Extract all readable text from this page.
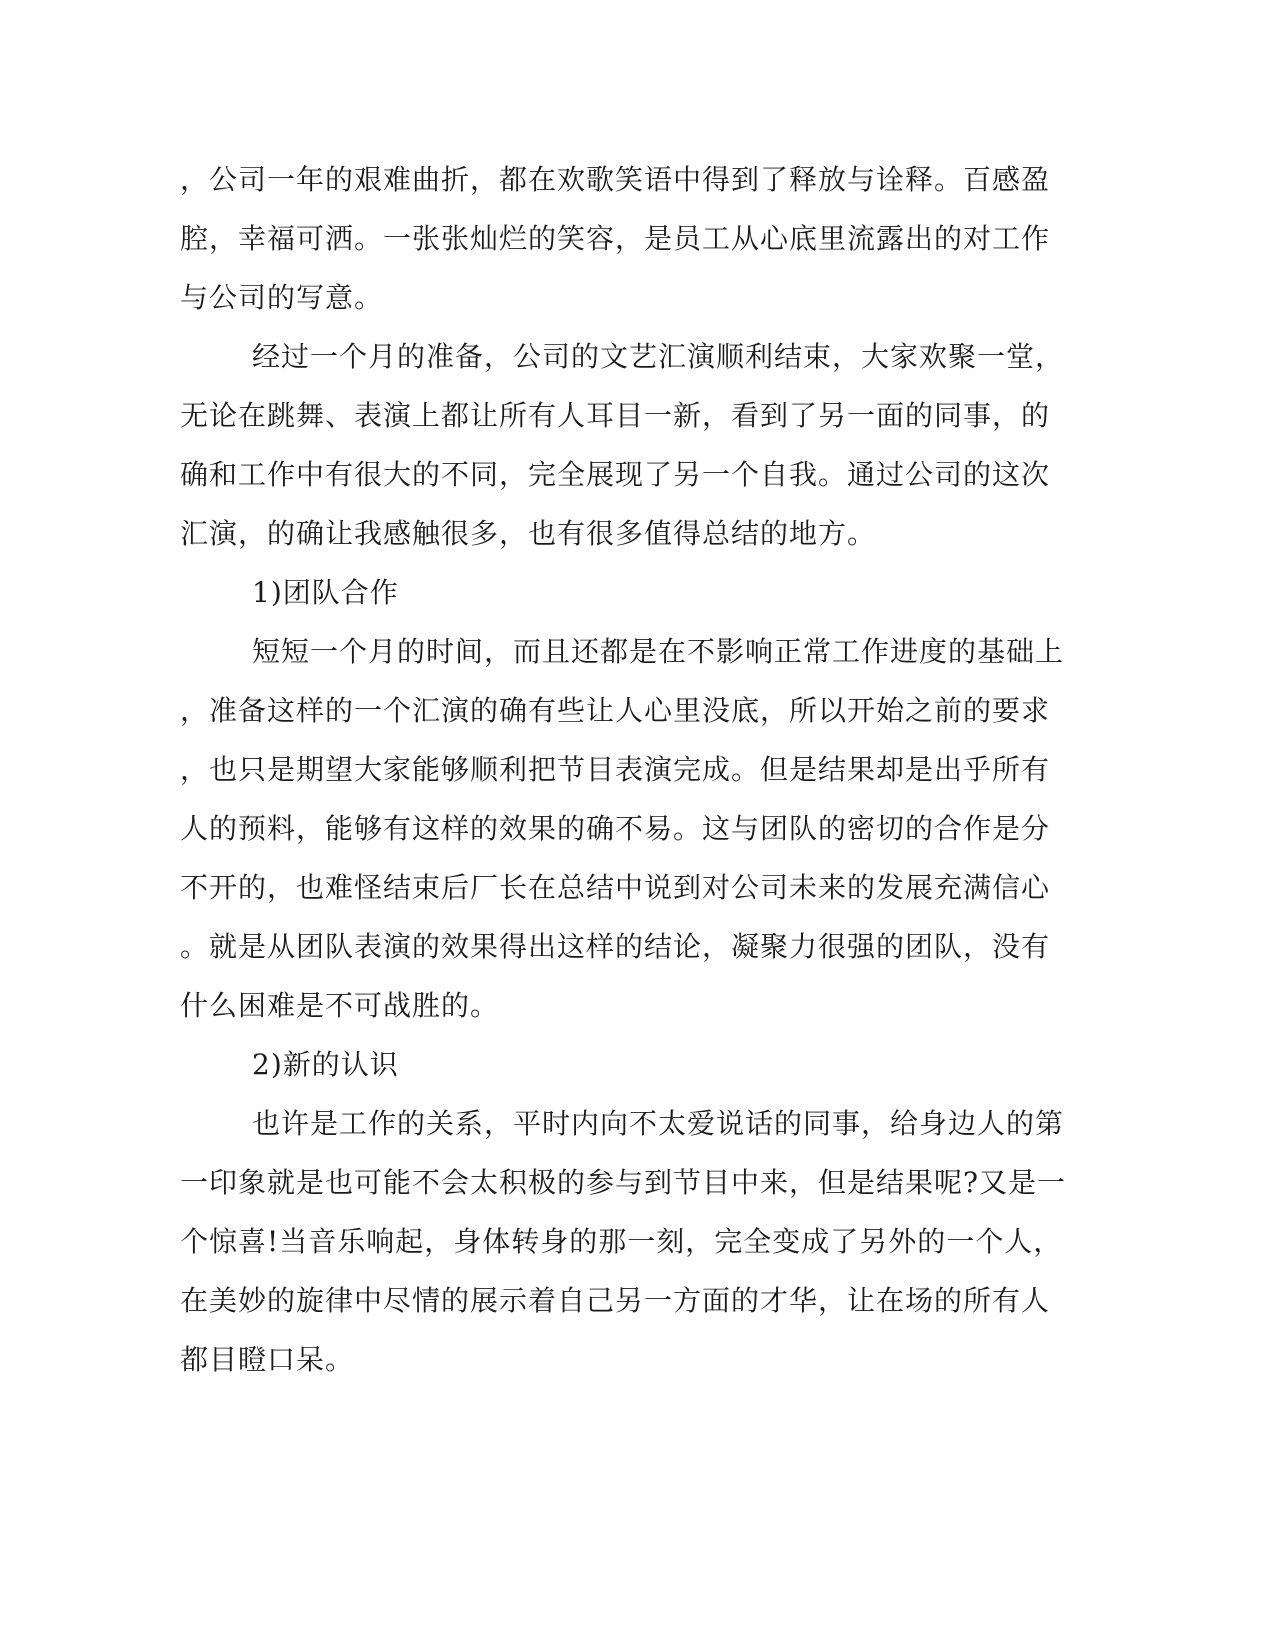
，公司一年的艰难曲折，都在欢歌笑语中得到了释放与诠释。百感盈
腔，幸福可洒。一张张灿烂的笑容，是员工从心底里流露出的对工作
与公司的写意。
经过一个月的准备，公司的文艺汇演顺利结束，大家欢聚一堂，
无论在跳舞、表演上都让所有人耳目一新，看到了另一面的同事，的
确和工作中有很大的不同，完全展现了另一个自我。通过公司的这次
汇演，的确让我感触很多，也有很多值得总结的地方。
1)团队合作
短短一个月的时间，而且还都是在不影响正常工作进度的基础上
，准备这样的一个汇演的确有些让人心里没底，所以开始之前的要求
，也只是期望大家能够顺利把节目表演完成。但是结果却是出乎所有
人的预料，能够有这样的效果的确不易。这与团队的密切的合作是分
不开的，也难怪结束后厂长在总结中说到对公司未来的发展充满信心
。就是从团队表演的效果得出这样的结论，凝聚力很强的团队，没有
什么困难是不可战胜的。
2)新的认识
也许是工作的关系，平时内向不太爱说话的同事，给身边人的第
一印象就是也可能不会太积极的参与到节目中来，但是结果呢?又是一
个惊喜!当音乐响起，身体转身的那一刻，完全变成了另外的一个人，
在美妙的旋律中尽情的展示着自己另一方面的才华，让在场的所有人
都目瞪口呆。
